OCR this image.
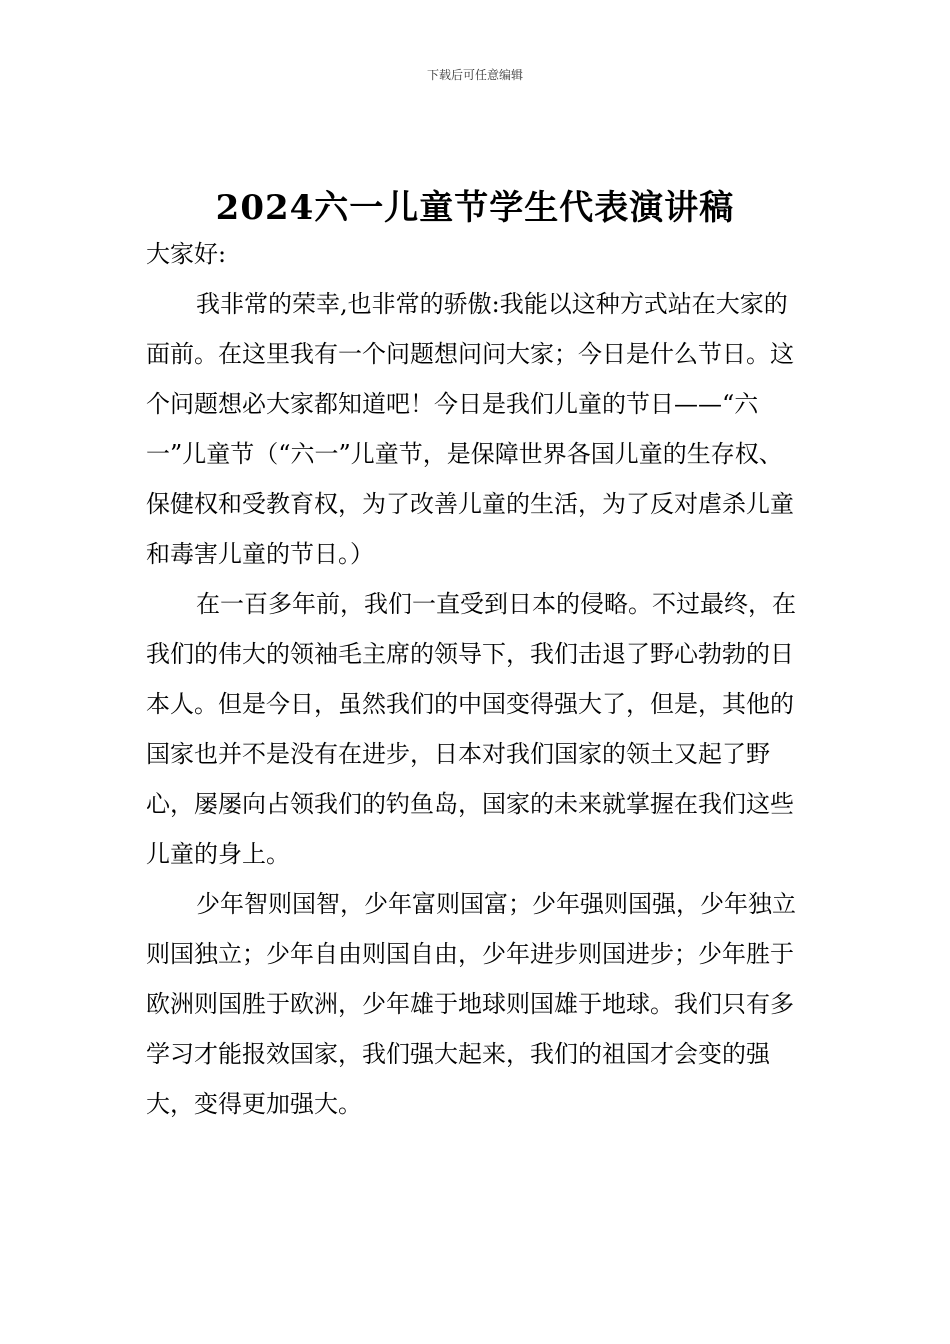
下载后可任意编辑
2024六一儿童节学生代表演讲稿

大家好:

我非常的荣幸,也非常的骄傲:我能以这种方式站在大家的面前。在这里我有一个问题想问问大家；今日是什么节日。这个问题想必大家都知道吧！今日是我们儿童的节日——“六一”儿童节（“六一”儿童节，是保障世界各国儿童的生存权、保健权和受教育权，为了改善儿童的生活，为了反对虐杀儿童和毒害儿童的节日。）

在一百多年前，我们一直受到日本的侵略。不过最终，在我们的伟大的领袖毛主席的领导下，我们击退了野心勃勃的日本人。但是今日，虽然我们的中国变得强大了，但是，其他的国家也并不是没有在进步，日本对我们国家的领土又起了野心，屡屡向占领我们的钓鱼岛，国家的未来就掌握在我们这些儿童的身上。

少年智则国智，少年富则国富；少年强则国强，少年独立则国独立；少年自由则国自由，少年进步则国进步；少年胜于欧洲则国胜于欧洲，少年雄于地球则国雄于地球。我们只有多学习才能报效国家，我们强大起来，我们的祖国才会变的强大，变得更加强大。
